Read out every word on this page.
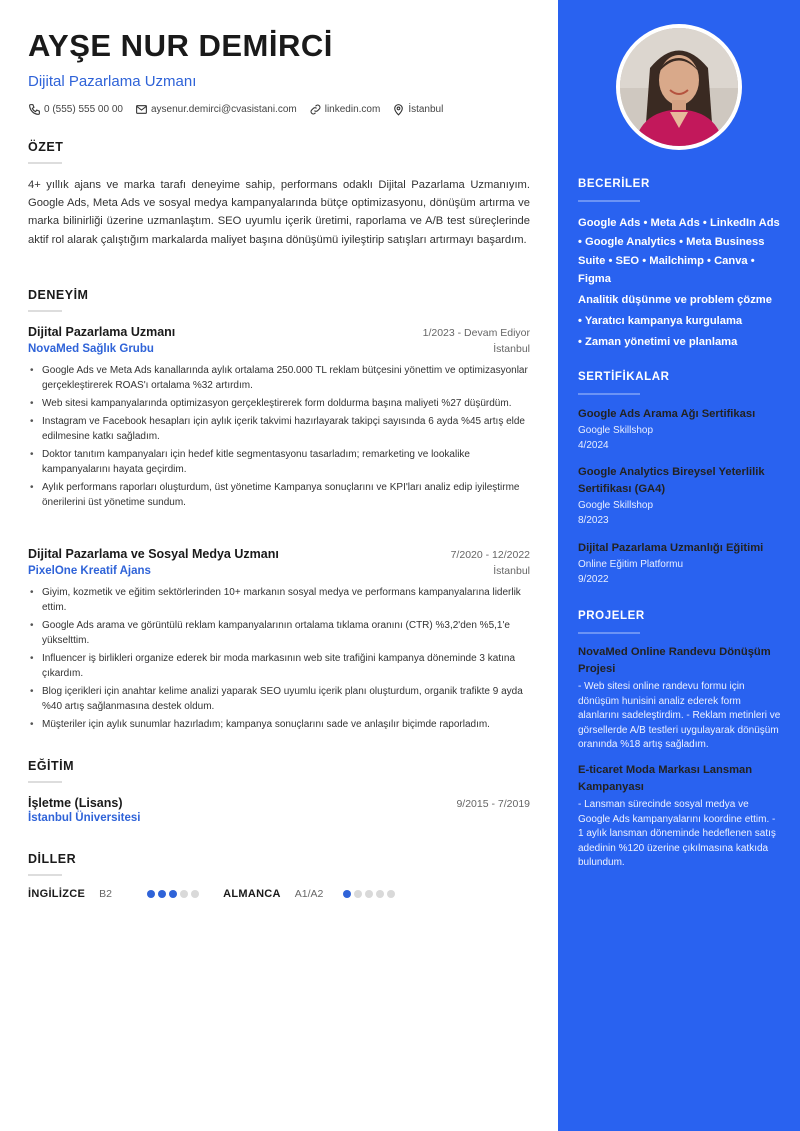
AYŞE NUR DEMİRCİ
Dijital Pazarlama Uzmanı
0 (555) 555 00 00	aysenur.demirci@cvasistani.com	linkedin.com	İstanbul
ÖZET
4+ yıllık ajans ve marka tarafı deneyime sahip, performans odaklı Dijital Pazarlama Uzmanıyım. Google Ads, Meta Ads ve sosyal medya kampanyalarında bütçe optimizasyonu, dönüşüm artırma ve marka bilinirliği üzerine uzmanlaştım. SEO uyumlu içerik üretimi, raporlama ve A/B test süreçlerinde aktif rol alarak çalıştığım markalarda maliyet başına dönüşümü iyileştirip satışları artırmayı başardım.
DENEYİM
Dijital Pazarlama Uzmanı	1/2023 - Devam Ediyor
NovaMed Sağlık Grubu	İstanbul
• Google Ads ve Meta Ads kanallarında aylık ortalama 250.000 TL reklam bütçesini yönettim ve optimizasyonlar gerçekleştirerek ROAS'ı ortalama %32 artırdım.
• Web sitesi kampanyalarında optimizasyon gerçekleştirerek form doldurma başına maliyeti %27 düşürdüm.
• Instagram ve Facebook hesapları için aylık içerik takvimi hazırlayarak takipçi sayısında 6 ayda %45 artış elde edilmesine katkı sağladım.
• Doktor tanıtım kampanyaları için hedef kitle segmentasyonu tasarladım; remarketing ve lookalike kampanyalarını hayata geçirdim.
• Aylık performans raporları oluşturdum, üst yönetime Kampanya sonuçlarını ve KPI'ları analiz edip iyileştirme önerilerini üst yönetime sundum.
Dijital Pazarlama ve Sosyal Medya Uzmanı	7/2020 - 12/2022
PixelOne Kreatif Ajans	İstanbul
• Giyim, kozmetik ve eğitim sektörlerinden 10+ markanın sosyal medya ve performans kampanyalarına liderlik ettim.
• Google Ads arama ve görüntülü reklam kampanyalarının ortalama tıklama oranını (CTR) %3,2'den %5,1'e yükselttim.
• Influencer iş birlikleri organize ederek bir moda markasının web site trafiğini kampanya döneminde 3 katına çıkardım.
• Blog içerikleri için anahtar kelime analizi yaparak SEO uyumlu içerik planı oluşturdum, organik trafikte 9 ayda %40 artış sağlanmasına destek oldum.
• Müşteriler için aylık sunumlar hazırladım; kampanya sonuçlarını sade ve anlaşılır biçimde raporladım.
EĞİTİM
İşletme (Lisans)	9/2015 - 7/2019
İstanbul Üniversitesi
DİLLER
İNGİLİZCE B2	ALMANCA A1/A2
BECERİLER

Google Ads • Meta Ads • LinkedIn Ads • Google Analytics • Meta Business Suite • SEO • Mailchimp • Canva • Figma

Analitik düşünme ve problem çözme

• Yaratıcı kampanya kurgulama

• Zaman yönetimi ve planlama

SERTİFİKALAR
Google Ads Arama Ağı Sertifikası
Google Skillshop
4/2024
Google Analytics Bireysel Yeterlilik Sertifikası (GA4)
Google Skillshop
8/2023
Dijital Pazarlama Uzmanlığı Eğitimi
Online Eğitim Platformu
9/2022
PROJELER
NovaMed Online Randevu Dönüşüm Projesi
- Web sitesi online randevu formu için dönüşüm hunisini analiz ederek form alanlarını sadeleştirdim. - Reklam metinleri ve görsellerde A/B testleri uygulayarak dönüşüm oranında %18 artış sağladım.
E-ticaret Moda Markası Lansman Kampanyası
- Lansman sürecinde sosyal medya ve Google Ads kampanyalarını koordine ettim. - 1 aylık lansman döneminde hedeflenen satış adedinin %120 üzerine çıkılmasına katkıda bulundum.
